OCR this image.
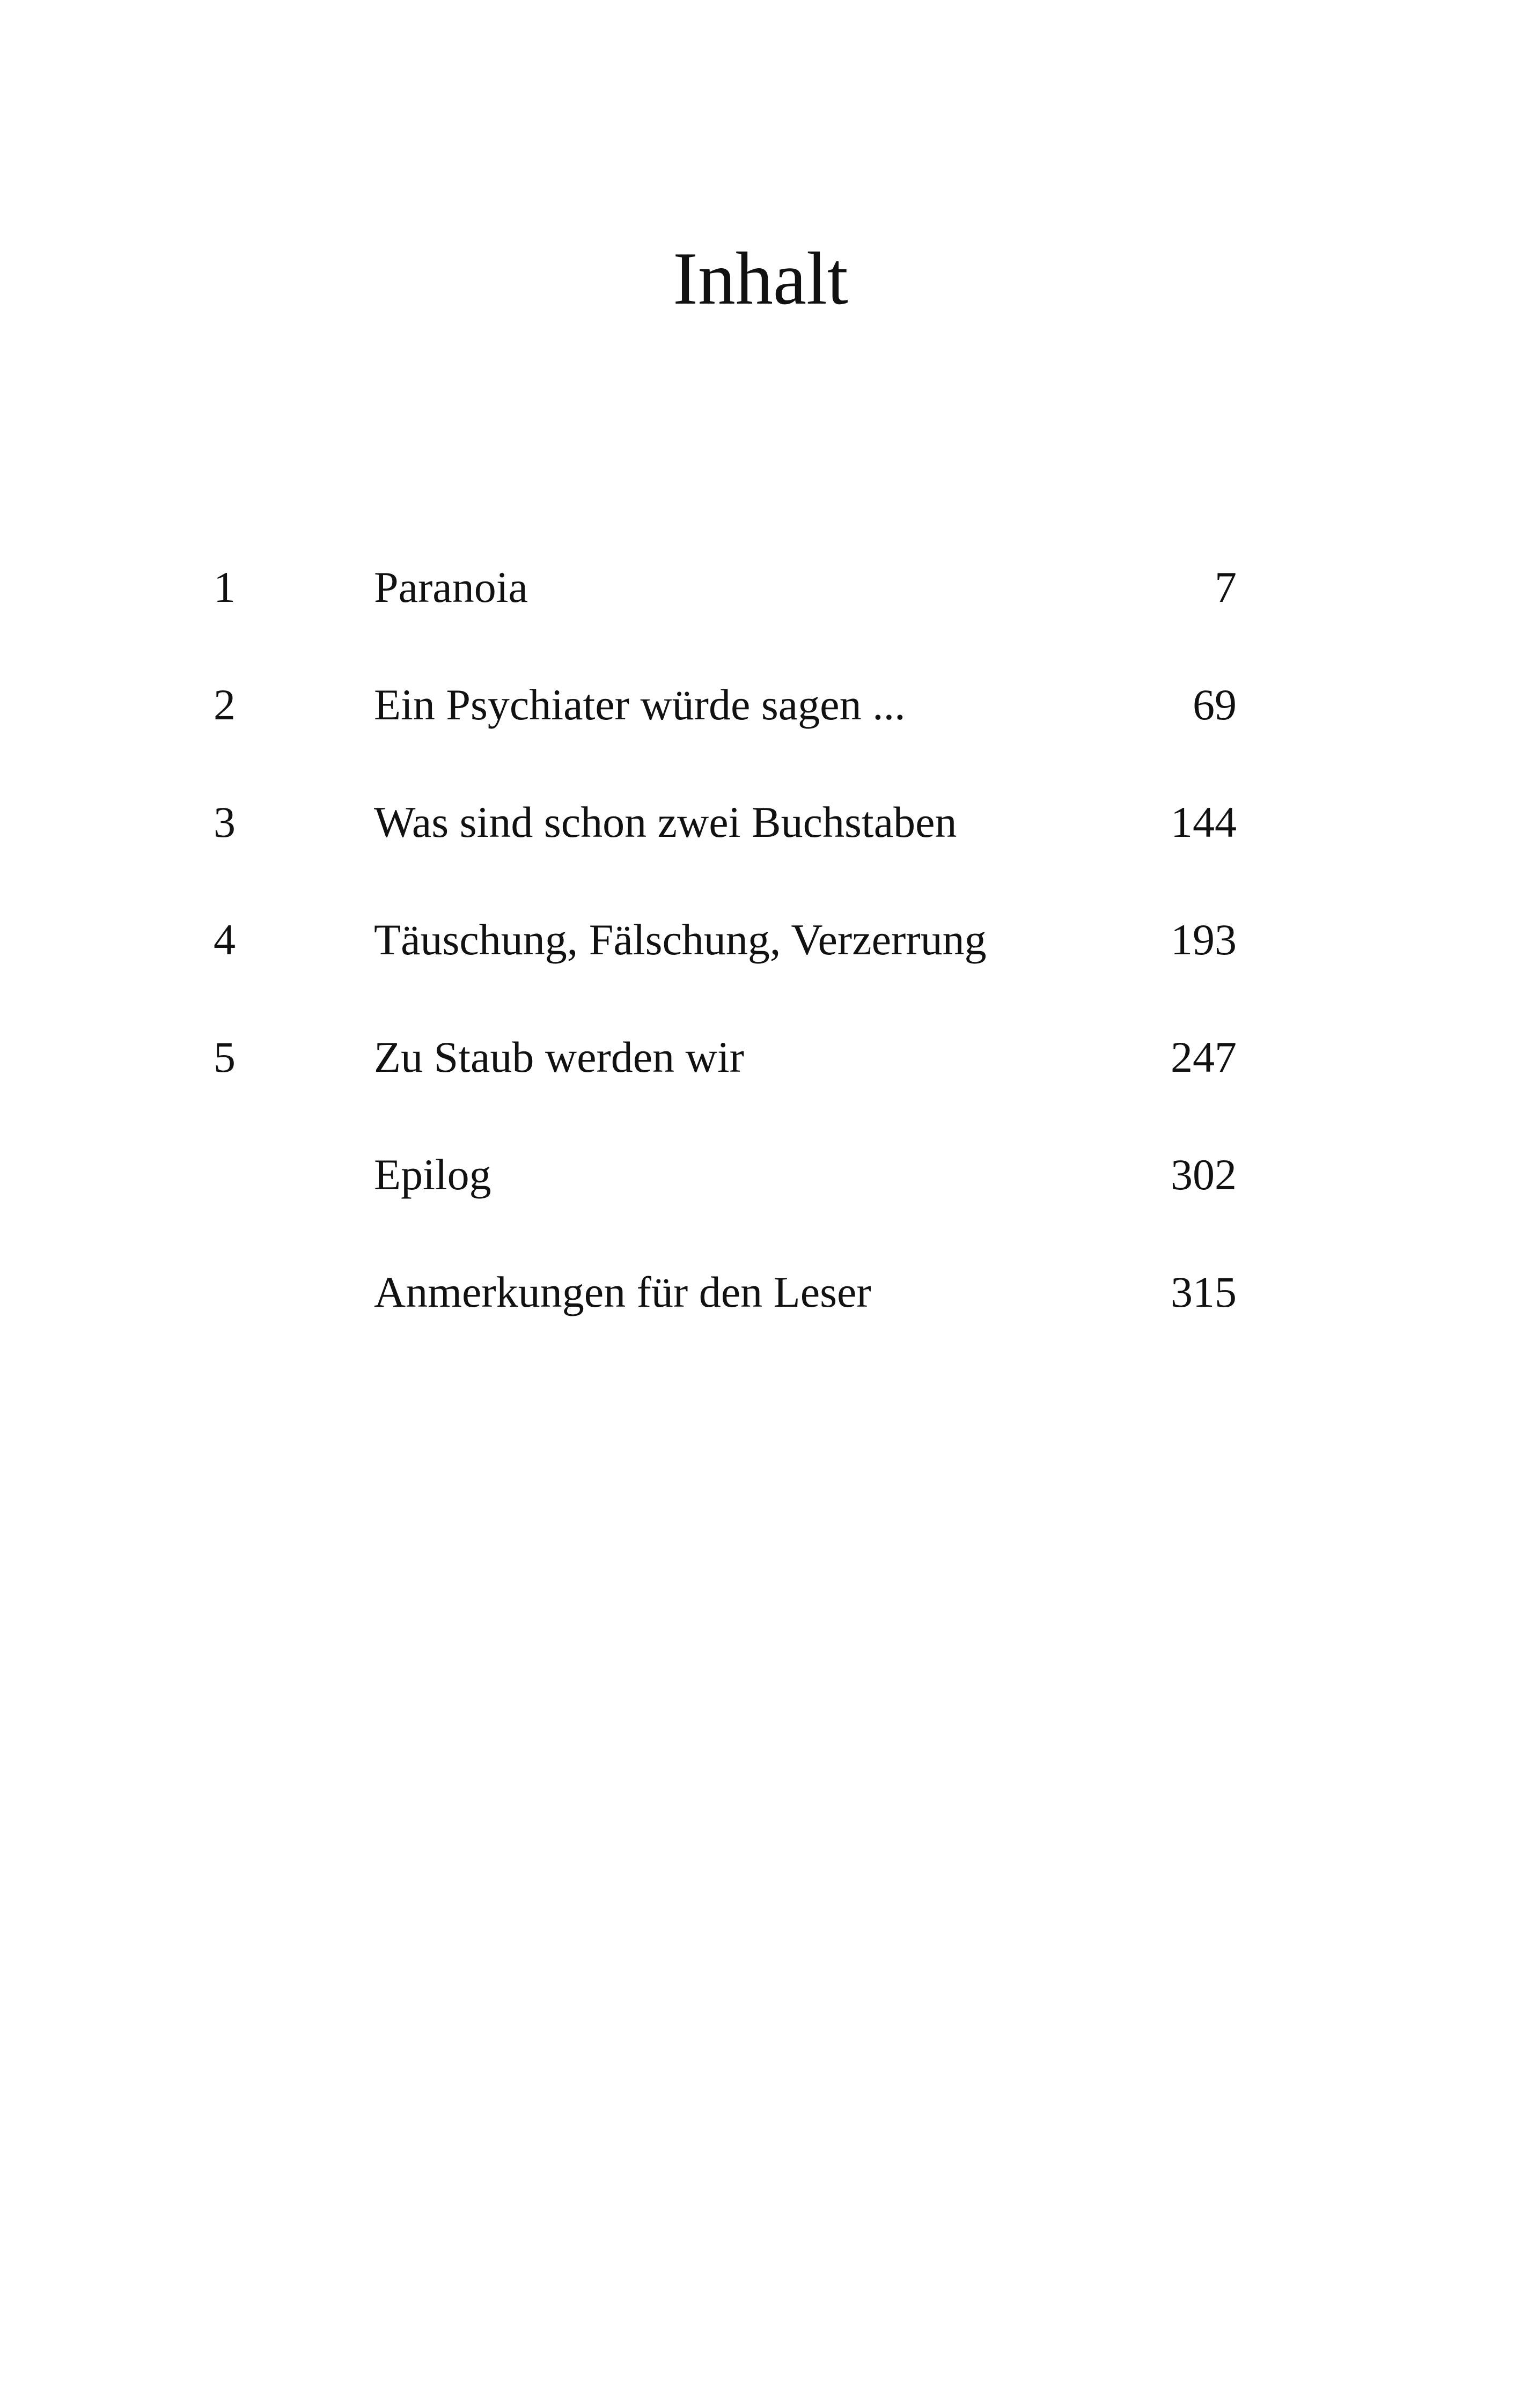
Inhalt
1	Paranoia	7
2	Ein Psychiater würde sagen ...	69
3	Was sind schon zwei Buchstaben	144
4	Täuschung, Fälschung, Verzerrung	193
5	Zu Staub werden wir	247
Epilog	302
Anmerkungen für den Leser	315
